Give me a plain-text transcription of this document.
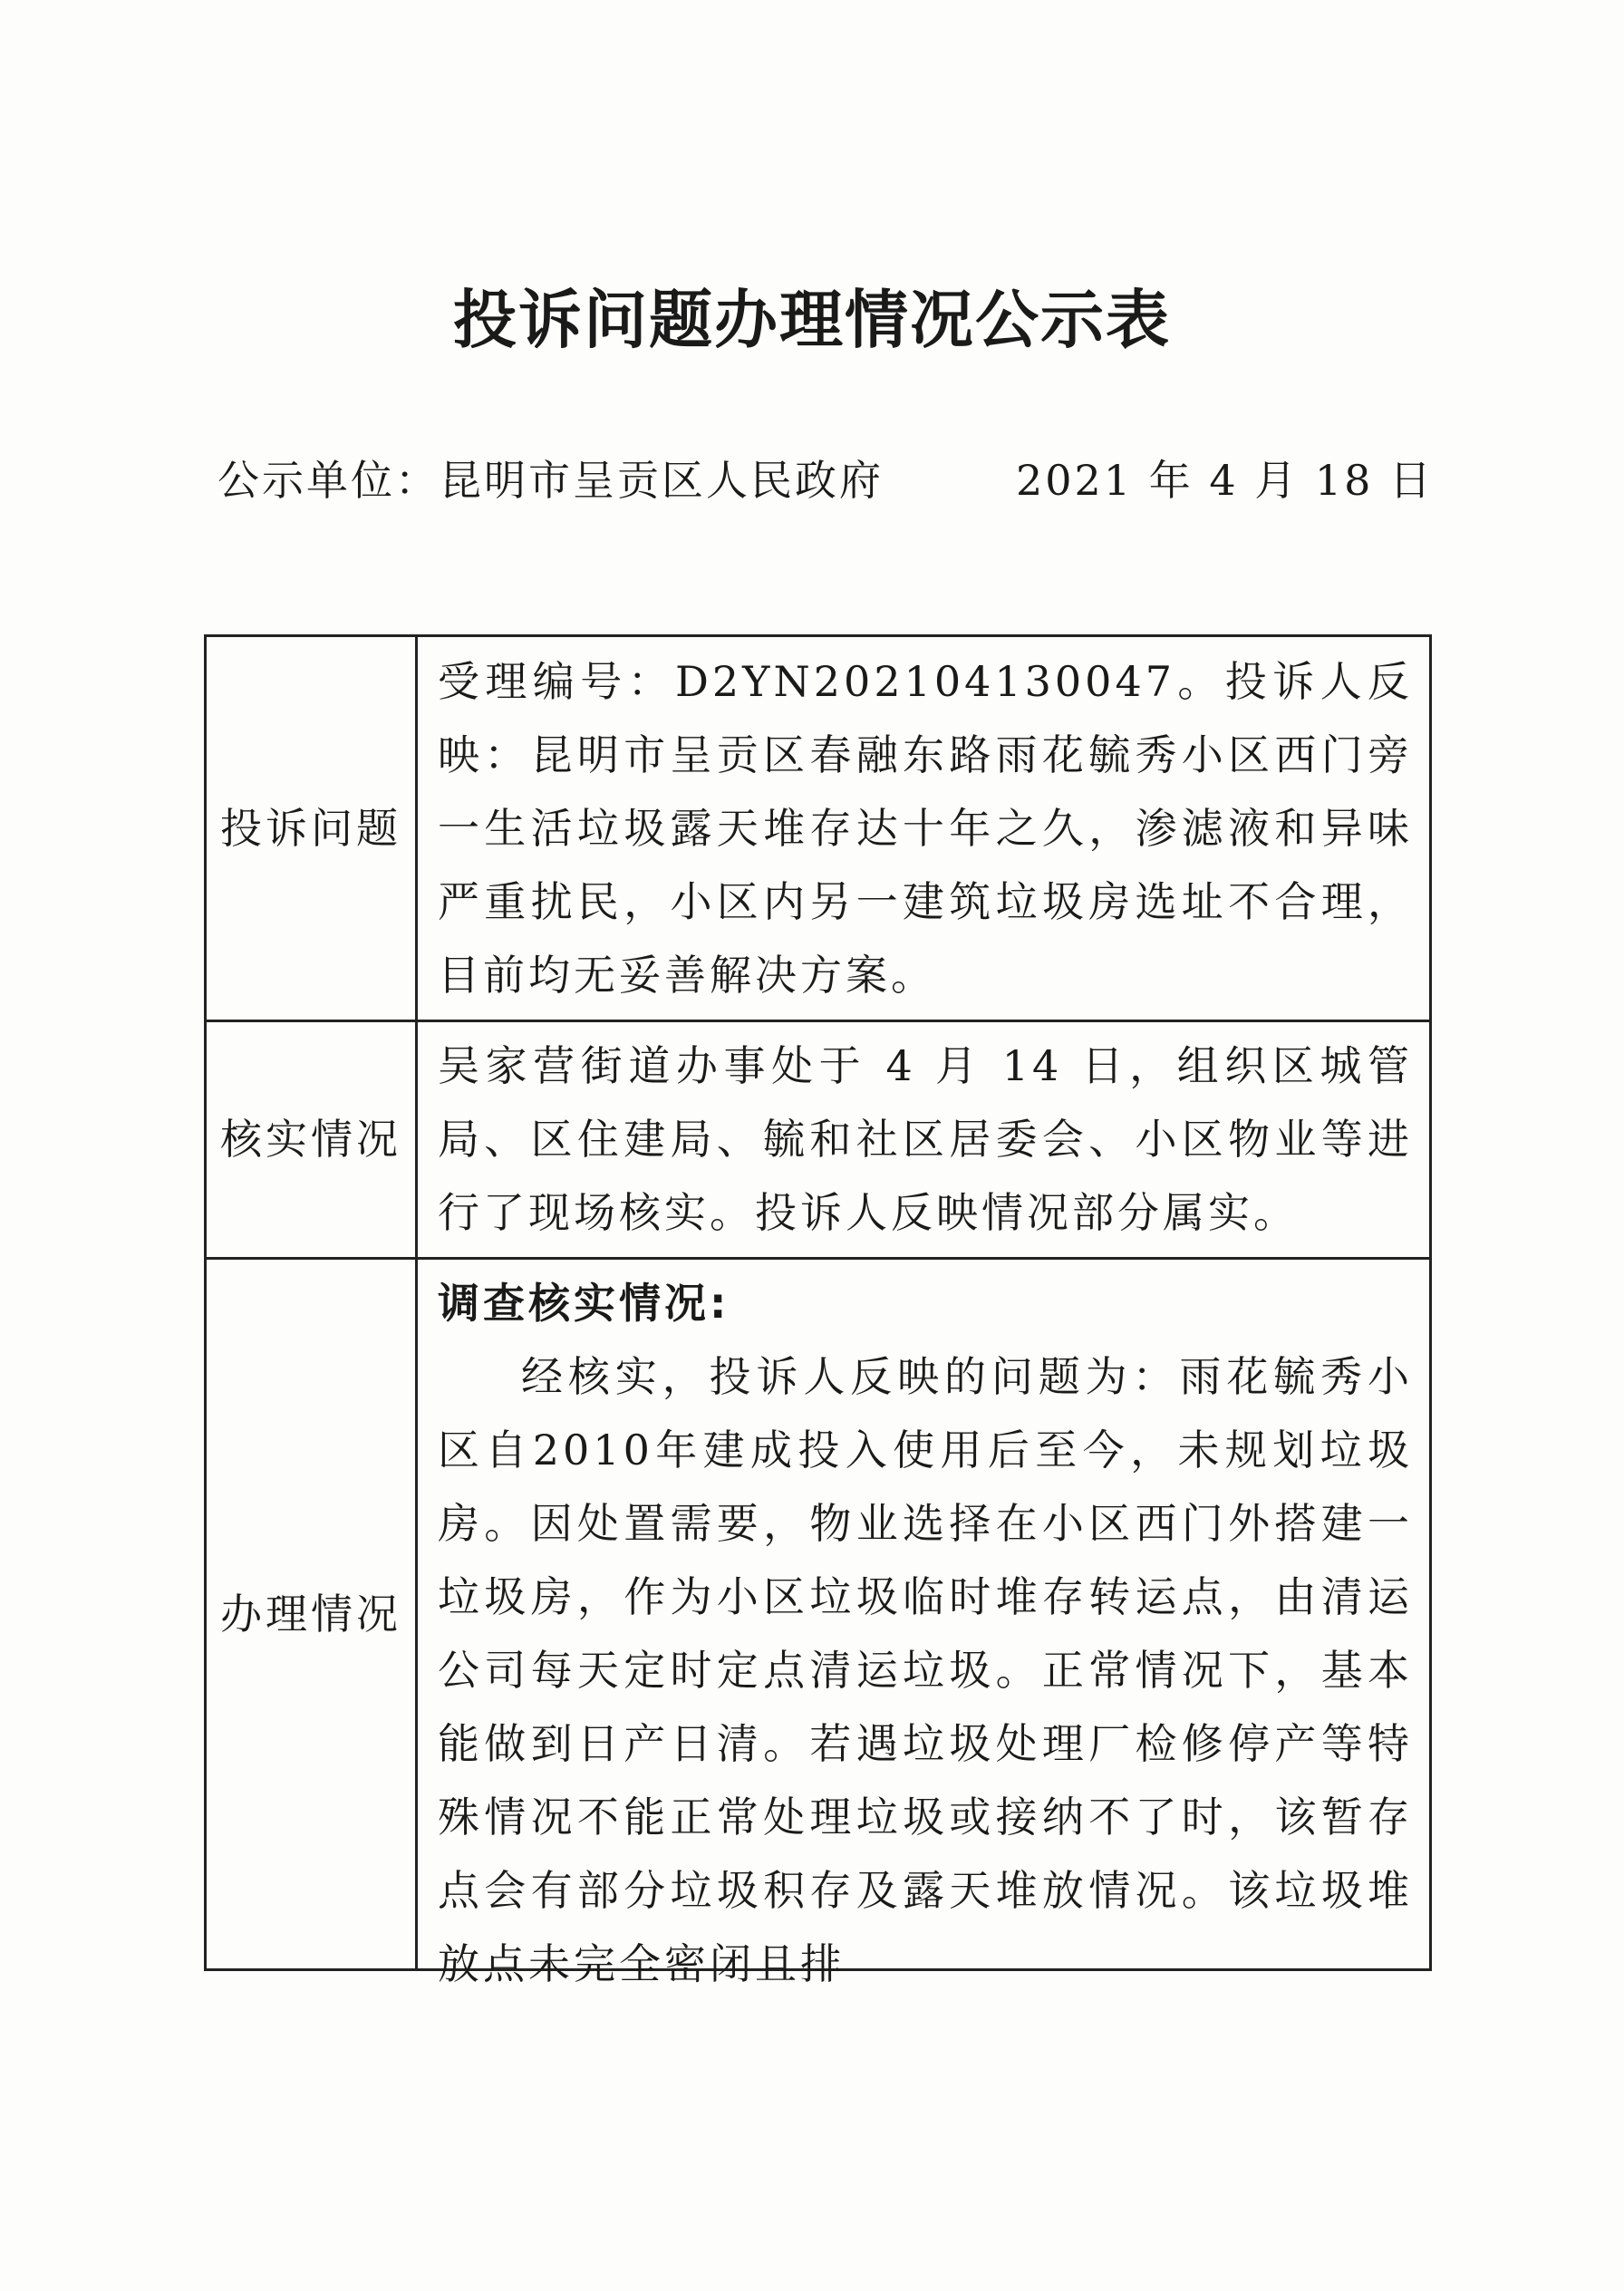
投诉问题办理情况公示表
公示单位：昆明市呈贡区人民政府	2021 年 4 月 18 日
投诉问题	受理编号：D2YN202104130047。投诉人反映：昆明市呈贡区春融东路雨花毓秀小区西门旁一生活垃圾露天堆存达十年之久，渗滤液和异味严重扰民，小区内另一建筑垃圾房选址不合理，目前均无妥善解决方案。
核实情况	吴家营街道办事处于 4 月 14 日，组织区城管局、区住建局、毓和社区居委会、小区物业等进行了现场核实。投诉人反映情况部分属实。
办理情况	调查核实情况:
经核实，投诉人反映的问题为：雨花毓秀小区自2010年建成投入使用后至今，未规划垃圾房。因处置需要，物业选择在小区西门外搭建一垃圾房，作为小区垃圾临时堆存转运点，由清运公司每天定时定点清运垃圾。正常情况下，基本能做到日产日清。若遇垃圾处理厂检修停产等特殊情况不能正常处理垃圾或接纳不了时，该暂存点会有部分垃圾积存及露天堆放情况。该垃圾堆放点未完全密闭且排
